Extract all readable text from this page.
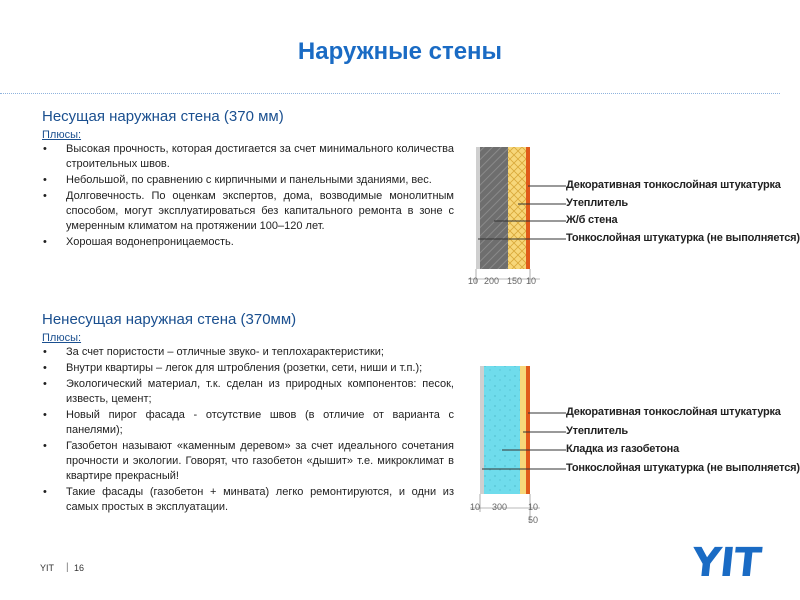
Наружные стены
Несущая наружная стена (370 мм)
Плюсы:
• Высокая прочность, которая достигается за счет минимального количества строительных швов.
• Небольшой, по сравнению с кирпичными и панельными зданиями, вес.
• Долговечность. По оценкам экспертов, дома, возводимые монолитным способом, могут эксплуатироваться без капитального ремонта в зоне с умеренным климатом на протяжении 100–120 лет.
• Хорошая водонепроницаемость.
10 200 150 10
Декоративная тонкослойная штукатурка
Утеплитель
Ж/б стена
Тонкослойная штукатурка (не выполняется)
Ненесущая наружная стена (370мм)
Плюсы:
• За счет пористости – отличные звуко- и теплохарактеристики;
• Внутри квартиры – легок для штробления (розетки, сети, ниши и т.п.);
• Экологический материал, т.к. сделан из природных компонентов: песок, известь, цемент;
• Новый пирог фасада - отсутствие швов (в отличие от варианта с панелями);
• Газобетон называют «каменным деревом» за счет идеального сочетания прочности и экологии. Говорят, что газобетон «дышит» т.е. микроклимат в квартире прекрасный!
• Такие фасады (газобетон + минвата) легко ремонтируются, и одни из самых простых в эксплуатации.	10 300 10
50
Декоративная тонкослойная штукатурка
Утеплитель
Кладка из газобетона
Тонкослойная штукатурка (не выполняется)
YIT | 16	YIT
